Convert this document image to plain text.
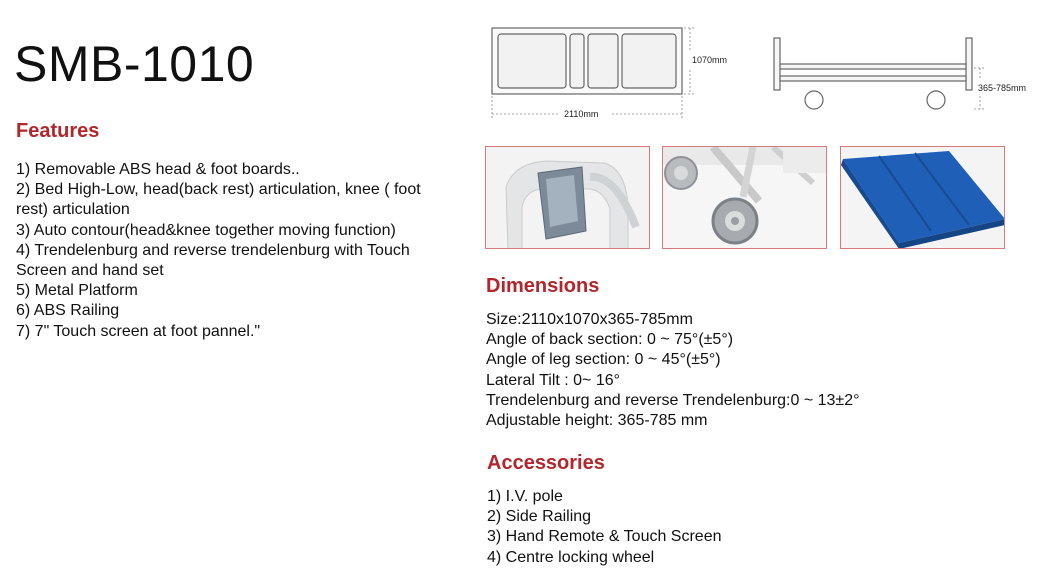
SMB-1010
Features
1) Removable ABS head & foot boards..
2) Bed High-Low, head(back rest) articulation, knee ( foot rest) articulation
3) Auto contour(head&knee together moving function)
4) Trendelenburg and reverse trendelenburg with Touch Screen and hand set
5) Metal Platform
6) ABS Railing
7) 7" Touch screen at foot pannel."
1070mm
2110mm
365-785mm
Dimensions
Size:2110x1070x365-785mm
Angle of back section: 0 ~ 75°(±5°)
Angle of leg section: 0 ~ 45°(±5°)
Lateral Tilt : 0~ 16°
Trendelenburg and reverse Trendelenburg:0 ~ 13±2°
Adjustable height: 365-785 mm
Accessories
1) I.V. pole
2) Side Railing
3) Hand Remote & Touch Screen
4) Centre locking wheel
